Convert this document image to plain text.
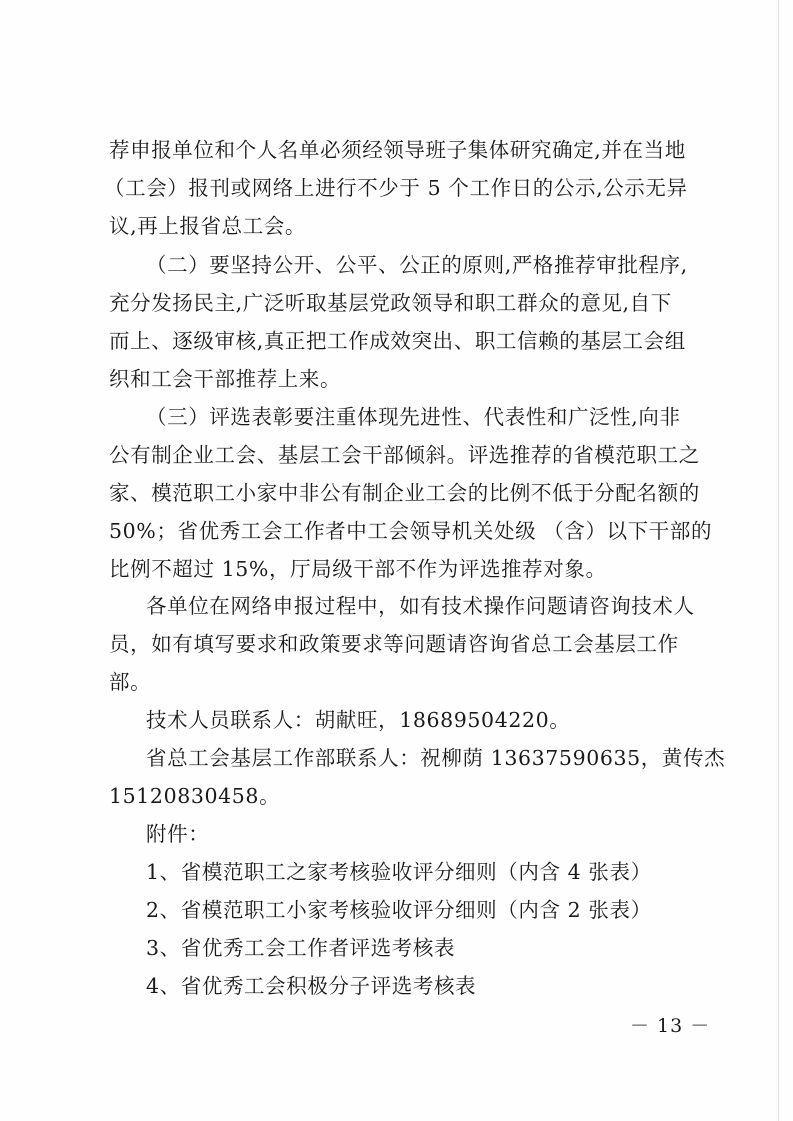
荐申报单位和个人名单必须经领导班子集体研究确定,并在当地
（工会）报刊或网络上进行不少于 5 个工作日的公示,公示无异
议,再上报省总工会。
（二）要坚持公开、公平、公正的原则,严格推荐审批程序,
充分发扬民主,广泛听取基层党政领导和职工群众的意见,自下
而上、逐级审核,真正把工作成效突出、职工信赖的基层工会组
织和工会干部推荐上来。
（三）评选表彰要注重体现先进性、代表性和广泛性,向非
公有制企业工会、基层工会干部倾斜。评选推荐的省模范职工之
家、模范职工小家中非公有制企业工会的比例不低于分配名额的
50%；省优秀工会工作者中工会领导机关处级 （含）以下干部的
比例不超过 15%，厅局级干部不作为评选推荐对象。
各单位在网络申报过程中，如有技术操作问题请咨询技术人
员，如有填写要求和政策要求等问题请咨询省总工会基层工作
部。
技术人员联系人：胡献旺，18689504220。
省总工会基层工作部联系人：祝柳荫 13637590635，黄传杰
15120830458。
附件：
1、省模范职工之家考核验收评分细则（内含 4 张表）
2、省模范职工小家考核验收评分细则（内含 2 张表）
3、省优秀工会工作者评选考核表
4、省优秀工会积极分子评选考核表
－ 13 －
